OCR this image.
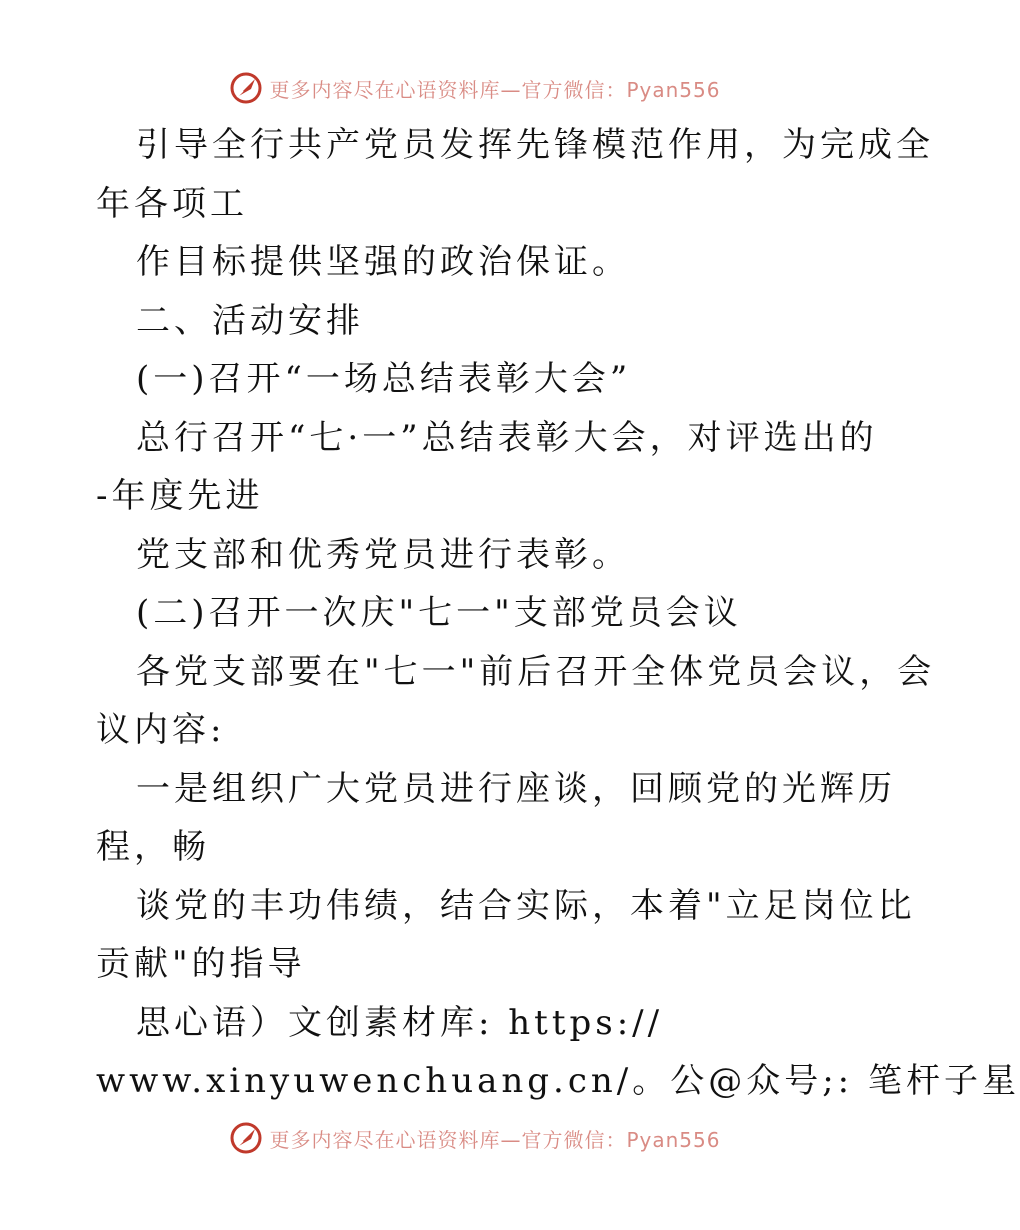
更多内容尽在心语资料库—官方微信：Pyan556
引导全行共产党员发挥先锋模范作用，为完成全
年各项工
作目标提供坚强的政治保证。
二、活动安排
(一)召开“一场总结表彰大会”
总行召开“七·一”总结表彰大会，对评选出的
-年度先进
党支部和优秀党员进行表彰。
(二)召开一次庆"七一"支部党员会议
各党支部要在"七一"前后召开全体党员会议，会
议内容:
一是组织广大党员进行座谈，回顾党的光辉历
程，畅
谈党的丰功伟绩，结合实际，本着"立足岗位比
贡献"的指导
思心语）文创素材库: https://
www.xinyuwenchuang.cn/。公@众号;: 笔杆子星
更多内容尽在心语资料库—官方微信：Pyan556
